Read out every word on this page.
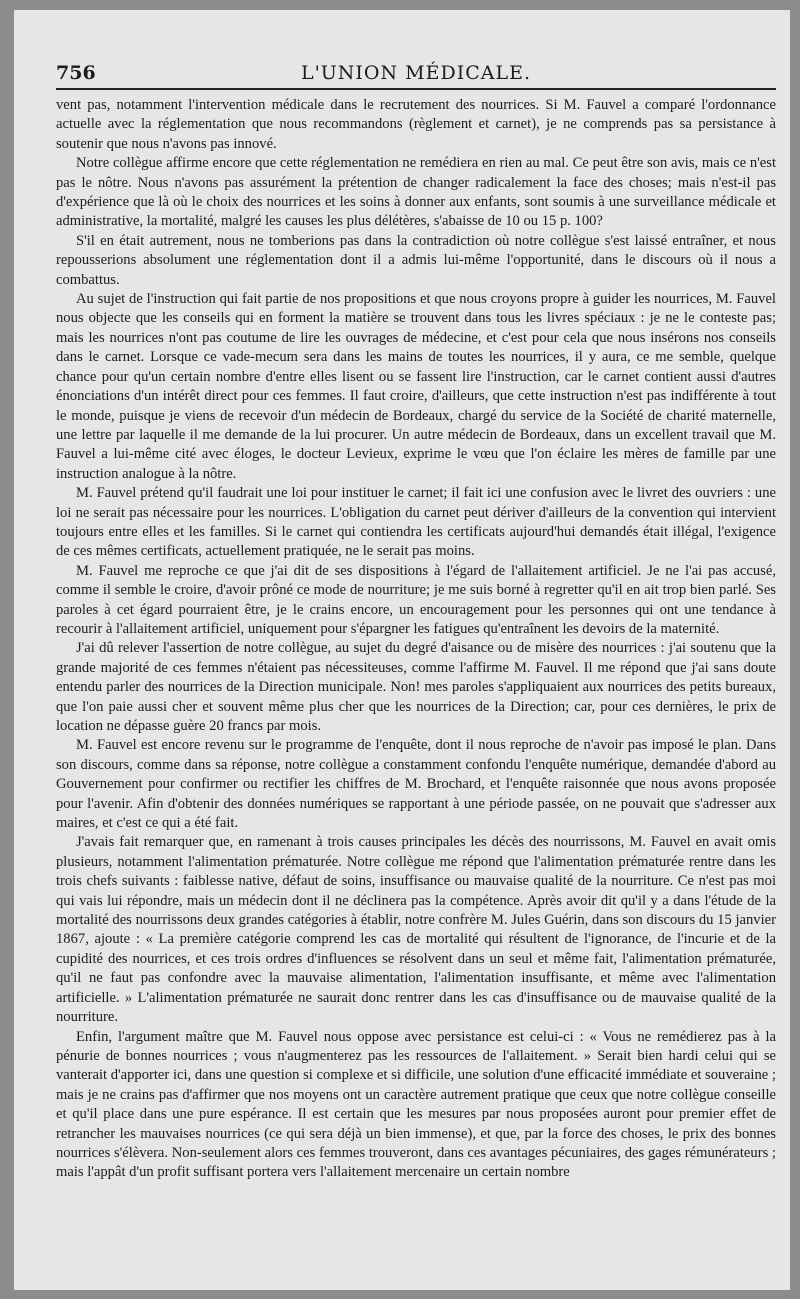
756	L'UNION MÉDICALE.

vent pas, notamment l'intervention médicale dans le recrutement des nourrices. Si M. Fauvel a comparé l'ordonnance actuelle avec la réglementation que nous recommandons (règlement et carnet), je ne comprends pas sa persistance à soutenir que nous n'avons pas innové.

Notre collègue affirme encore que cette réglementation ne remédiera en rien au mal. Ce peut être son avis, mais ce n'est pas le nôtre. Nous n'avons pas assurément la prétention de changer radicalement la face des choses; mais n'est-il pas d'expérience que là où le choix des nourrices et les soins à donner aux enfants, sont soumis à une surveillance médicale et administrative, la mortalité, malgré les causes les plus délétères, s'abaisse de 10 ou 15 p. 100?

S'il en était autrement, nous ne tomberions pas dans la contradiction où notre collègue s'est laissé entraîner, et nous repousserions absolument une réglementation dont il a admis lui-même l'opportunité, dans le discours où il nous a combattus.

Au sujet de l'instruction qui fait partie de nos propositions et que nous croyons propre à guider les nourrices, M. Fauvel nous objecte que les conseils qui en forment la matière se trouvent dans tous les livres spéciaux : je ne le conteste pas; mais les nourrices n'ont pas coutume de lire les ouvrages de médecine, et c'est pour cela que nous insérons nos conseils dans le carnet. Lorsque ce vade-mecum sera dans les mains de toutes les nourrices, il y aura, ce me semble, quelque chance pour qu'un certain nombre d'entre elles lisent ou se fassent lire l'instruction, car le carnet contient aussi d'autres énonciations d'un intérêt direct pour ces femmes. Il faut croire, d'ailleurs, que cette instruction n'est pas indifférente à tout le monde, puisque je viens de recevoir d'un médecin de Bordeaux, chargé du service de la Société de charité maternelle, une lettre par laquelle il me demande de la lui procurer. Un autre médecin de Bordeaux, dans un excellent travail que M. Fauvel a lui-même cité avec éloges, le docteur Levieux, exprime le vœu que l'on éclaire les mères de famille par une instruction analogue à la nôtre.

M. Fauvel prétend qu'il faudrait une loi pour instituer le carnet; il fait ici une confusion avec le livret des ouvriers : une loi ne serait pas nécessaire pour les nourrices. L'obligation du carnet peut dériver d'ailleurs de la convention qui intervient toujours entre elles et les familles. Si le carnet qui contiendra les certificats aujourd'hui demandés était illégal, l'exigence de ces mêmes certificats, actuellement pratiquée, ne le serait pas moins.

M. Fauvel me reproche ce que j'ai dit de ses dispositions à l'égard de l'allaitement artificiel. Je ne l'ai pas accusé, comme il semble le croire, d'avoir prôné ce mode de nourriture; je me suis borné à regretter qu'il en ait trop bien parlé. Ses paroles à cet égard pourraient être, je le crains encore, un encouragement pour les personnes qui ont une tendance à recourir à l'allaitement artificiel, uniquement pour s'épargner les fatigues qu'entraînent les devoirs de la maternité.

J'ai dû relever l'assertion de notre collègue, au sujet du degré d'aisance ou de misère des nourrices : j'ai soutenu que la grande majorité de ces femmes n'étaient pas nécessiteuses, comme l'affirme M. Fauvel. Il me répond que j'ai sans doute entendu parler des nourrices de la Direction municipale. Non! mes paroles s'appliquaient aux nourrices des petits bureaux, que l'on paie aussi cher et souvent même plus cher que les nourrices de la Direction; car, pour ces dernières, le prix de location ne dépasse guère 20 francs par mois.

M. Fauvel est encore revenu sur le programme de l'enquête, dont il nous reproche de n'avoir pas imposé le plan. Dans son discours, comme dans sa réponse, notre collègue a constamment confondu l'enquête numérique, demandée d'abord au Gouvernement pour confirmer ou rectifier les chiffres de M. Brochard, et l'enquête raisonnée que nous avons proposée pour l'avenir. Afin d'obtenir des données numériques se rapportant à une période passée, on ne pouvait que s'adresser aux maires, et c'est ce qui a été fait.

J'avais fait remarquer que, en ramenant à trois causes principales les décès des nourrissons, M. Fauvel en avait omis plusieurs, notamment l'alimentation prématurée. Notre collègue me répond que l'alimentation prématurée rentre dans les trois chefs suivants : faiblesse native, défaut de soins, insuffisance ou mauvaise qualité de la nourriture. Ce n'est pas moi qui vais lui répondre, mais un médecin dont il ne déclinera pas la compétence. Après avoir dit qu'il y a dans l'étude de la mortalité des nourrissons deux grandes catégories à établir, notre confrère M. Jules Guérin, dans son discours du 15 janvier 1867, ajoute : « La première catégorie comprend les cas de mortalité qui résultent de l'ignorance, de l'incurie et de la cupidité des nourrices, et ces trois ordres d'influences se résolvent dans un seul et même fait, l'alimentation prématurée, qu'il ne faut pas confondre avec la mauvaise alimentation, l'alimentation insuffisante, et même avec l'alimentation artificielle. » L'alimentation prématurée ne saurait donc rentrer dans les cas d'insuffisance ou de mauvaise qualité de la nourriture.

Enfin, l'argument maître que M. Fauvel nous oppose avec persistance est celui-ci : « Vous ne remédierez pas à la pénurie de bonnes nourrices ; vous n'augmenterez pas les ressources de l'allaitement. » Serait bien hardi celui qui se vanterait d'apporter ici, dans une question si complexe et si difficile, une solution d'une efficacité immédiate et souveraine ; mais je ne crains pas d'affirmer que nos moyens ont un caractère autrement pratique que ceux que notre collègue conseille et qu'il place dans une pure espérance. Il est certain que les mesures par nous proposées auront pour premier effet de retrancher les mauvaises nourrices (ce qui sera déjà un bien immense), et que, par la force des choses, le prix des bonnes nourrices s'élèvera. Non-seulement alors ces femmes trouveront, dans ces avantages pécuniaires, des gages rémunérateurs ; mais l'appât d'un profit suffisant portera vers l'allaitement mercenaire un certain nombre
